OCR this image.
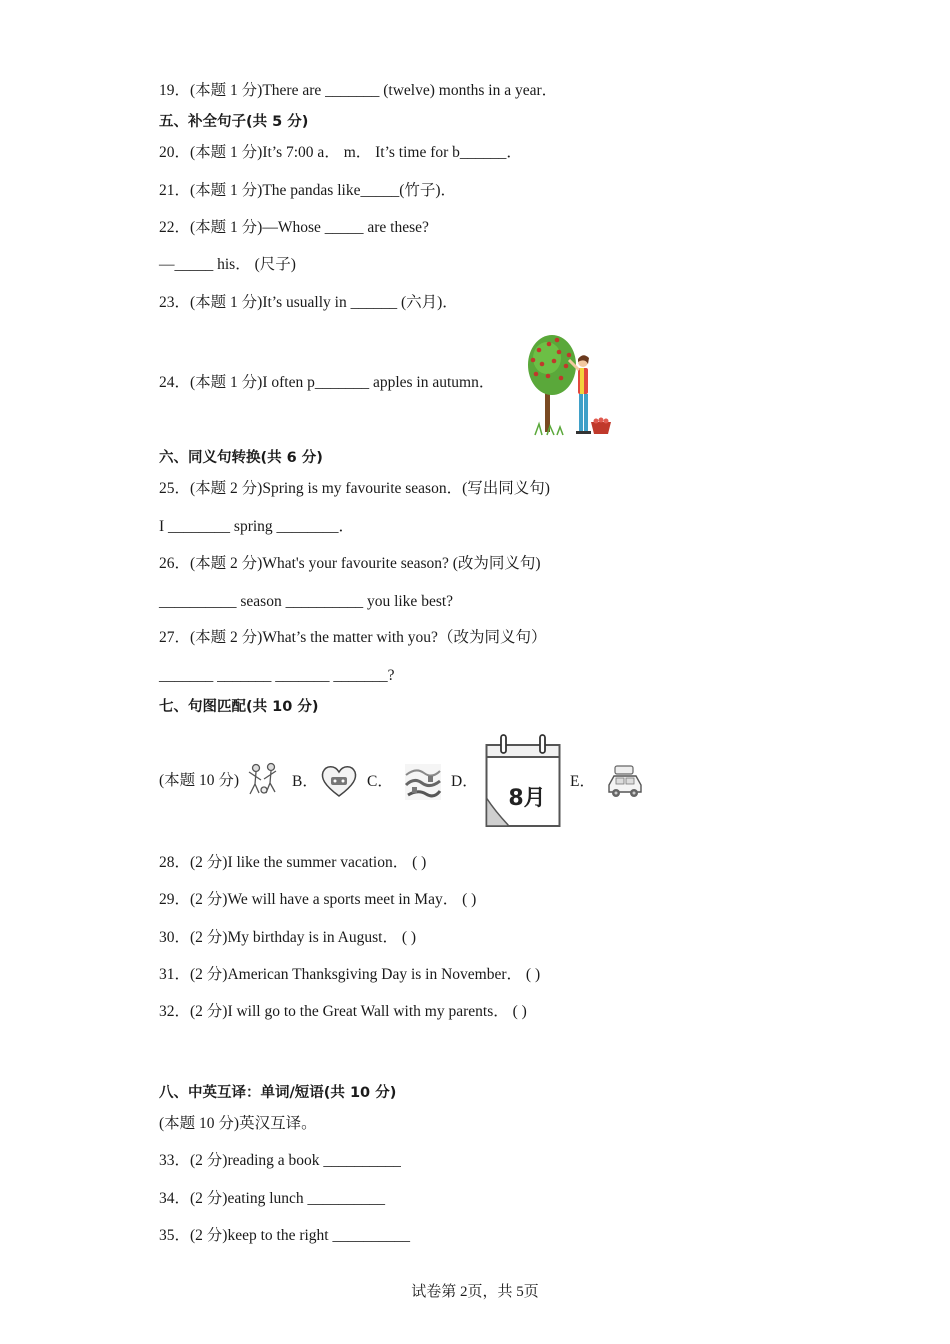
19．(本题 1 分)There are _______ (twelve) months in a year．
五、补全句子(共 5 分)
20．(本题 1 分)It’s 7:00 a． m． It’s time for b______．
21．(本题 1 分)The pandas like_____(竹子)．
22．(本题 1 分)—Whose _____ are these?
—_____ his． (尺子)
23．(本题 1 分)It’s usually in ______ (六月)．
24．(本题 1 分)I often p_______ apples in autumn．
六、同义句转换(共 6 分)
25．(本题 2 分)Spring is my favourite season．(写出同义句)
I ________ spring ________．
26．(本题 2 分)What's your favourite season? (改为同义句)
__________ season __________ you like best?
27．(本题 2 分)What’s the matter with you?（改为同义句）
_______ _______ _______ _______?
七、句图匹配(共 10 分)
(本题 10 分)	B．	C．	D．
8月
E．
28．(2 分)I like the summer vacation． ( )
29．(2 分)We will have a sports meet in May． ( )
30．(2 分)My birthday is in August． ( )
31．(2 分)American Thanksgiving Day is in November． ( )
32．(2 分)I will go to the Great Wall with my parents． ( )
八、中英互译：单词/短语(共 10 分)
(本题 10 分)英汉互译。
33．(2 分)reading a book __________
34．(2 分)eating lunch __________
35．(2 分)keep to the right __________
试卷第 2页，共 5页
